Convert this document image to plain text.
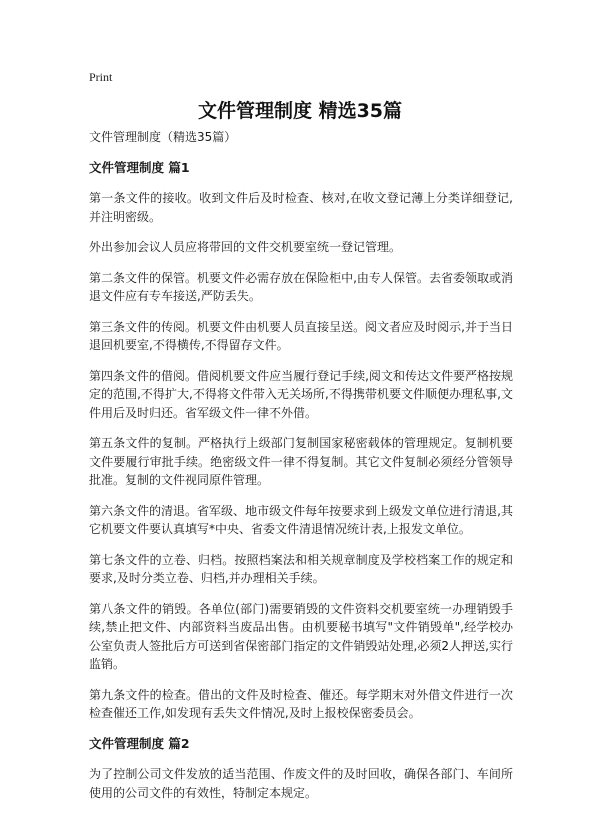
Print
文件管理制度 精选35篇
文件管理制度（精选35篇）
文件管理制度 篇1
第一条文件的接收。收到文件后及时检查、核对,在收文登记薄上分类详细登记,并注明密级。
外出参加会议人员应将带回的文件交机要室统一登记管理。
第二条文件的保管。机要文件必需存放在保险柜中,由专人保管。去省委领取或消退文件应有专车接送,严防丢失。
第三条文件的传阅。机要文件由机要人员直接呈送。阅文者应及时阅示,并于当日退回机要室,不得横传,不得留存文件。
第四条文件的借阅。借阅机要文件应当履行登记手续,阅文和传达文件要严格按规定的范围,不得扩大,不得将文件带入无关场所,不得携带机要文件顺便办理私事,文件用后及时归还。省军级文件一律不外借。
第五条文件的复制。严格执行上级部门复制国家秘密载体的管理规定。复制机要文件要履行审批手续。绝密级文件一律不得复制。其它文件复制必须经分管领导批准。复制的文件视同原件管理。
第六条文件的清退。省军级、地市级文件每年按要求到上级发文单位进行清退,其它机要文件要认真填写*中央、省委文件清退情况统计表,上报发文单位。
第七条文件的立卷、归档。按照档案法和相关规章制度及学校档案工作的规定和要求,及时分类立卷、归档,并办理相关手续。
第八条文件的销毁。各单位(部门)需要销毁的文件资料交机要室统一办理销毁手续,禁止把文件、内部资料当废品出售。由机要秘书填写"文件销毁单",经学校办公室负责人签批后方可送到省保密部门指定的文件销毁站处理,必须2人押送,实行监销。
第九条文件的检查。借出的文件及时检查、催还。每学期末对外借文件进行一次检查催还工作,如发现有丢失文件情况,及时上报校保密委员会。
文件管理制度 篇2
为了控制公司文件发放的适当范围、作废文件的及时回收，确保各部门、车间所使用的公司文件的有效性，特制定本规定。
